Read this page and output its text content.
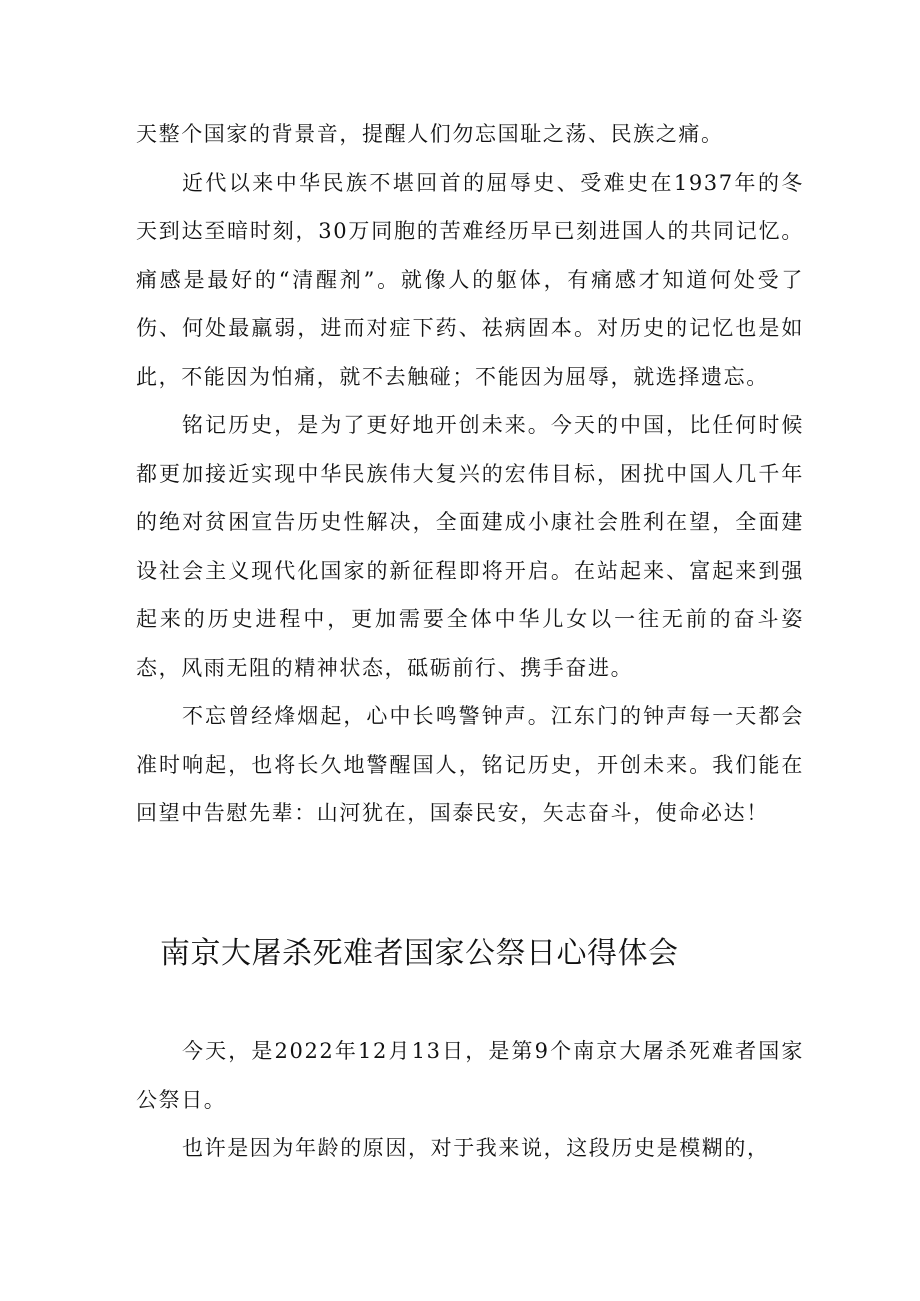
天整个国家的背景音，提醒人们勿忘国耻之荡、民族之痛。

近代以来中华民族不堪回首的屈辱史、受难史在1937年的冬天到达至暗时刻，30万同胞的苦难经历早已刻进国人的共同记忆。痛感是最好的“清醒剂”。就像人的躯体，有痛感才知道何处受了伤、何处最羸弱，进而对症下药、祛病固本。对历史的记忆也是如此，不能因为怕痛，就不去触碰；不能因为屈辱，就选择遗忘。

铭记历史，是为了更好地开创未来。今天的中国，比任何时候都更加接近实现中华民族伟大复兴的宏伟目标，困扰中国人几千年的绝对贫困宣告历史性解决，全面建成小康社会胜利在望，全面建设社会主义现代化国家的新征程即将开启。在站起来、富起来到强起来的历史进程中，更加需要全体中华儿女以一往无前的奋斗姿态，风雨无阻的精神状态，砥砺前行、携手奋进。

不忘曾经烽烟起，心中长鸣警钟声。江东门的钟声每一天都会准时响起，也将长久地警醒国人，铭记历史，开创未来。我们能在回望中告慰先辈：山河犹在，国泰民安，矢志奋斗，使命必达！

南京大屠杀死难者国家公祭日心得体会

今天，是2022年12月13日，是第9个南京大屠杀死难者国家公祭日。

也许是因为年龄的原因，对于我来说，这段历史是模糊的，
